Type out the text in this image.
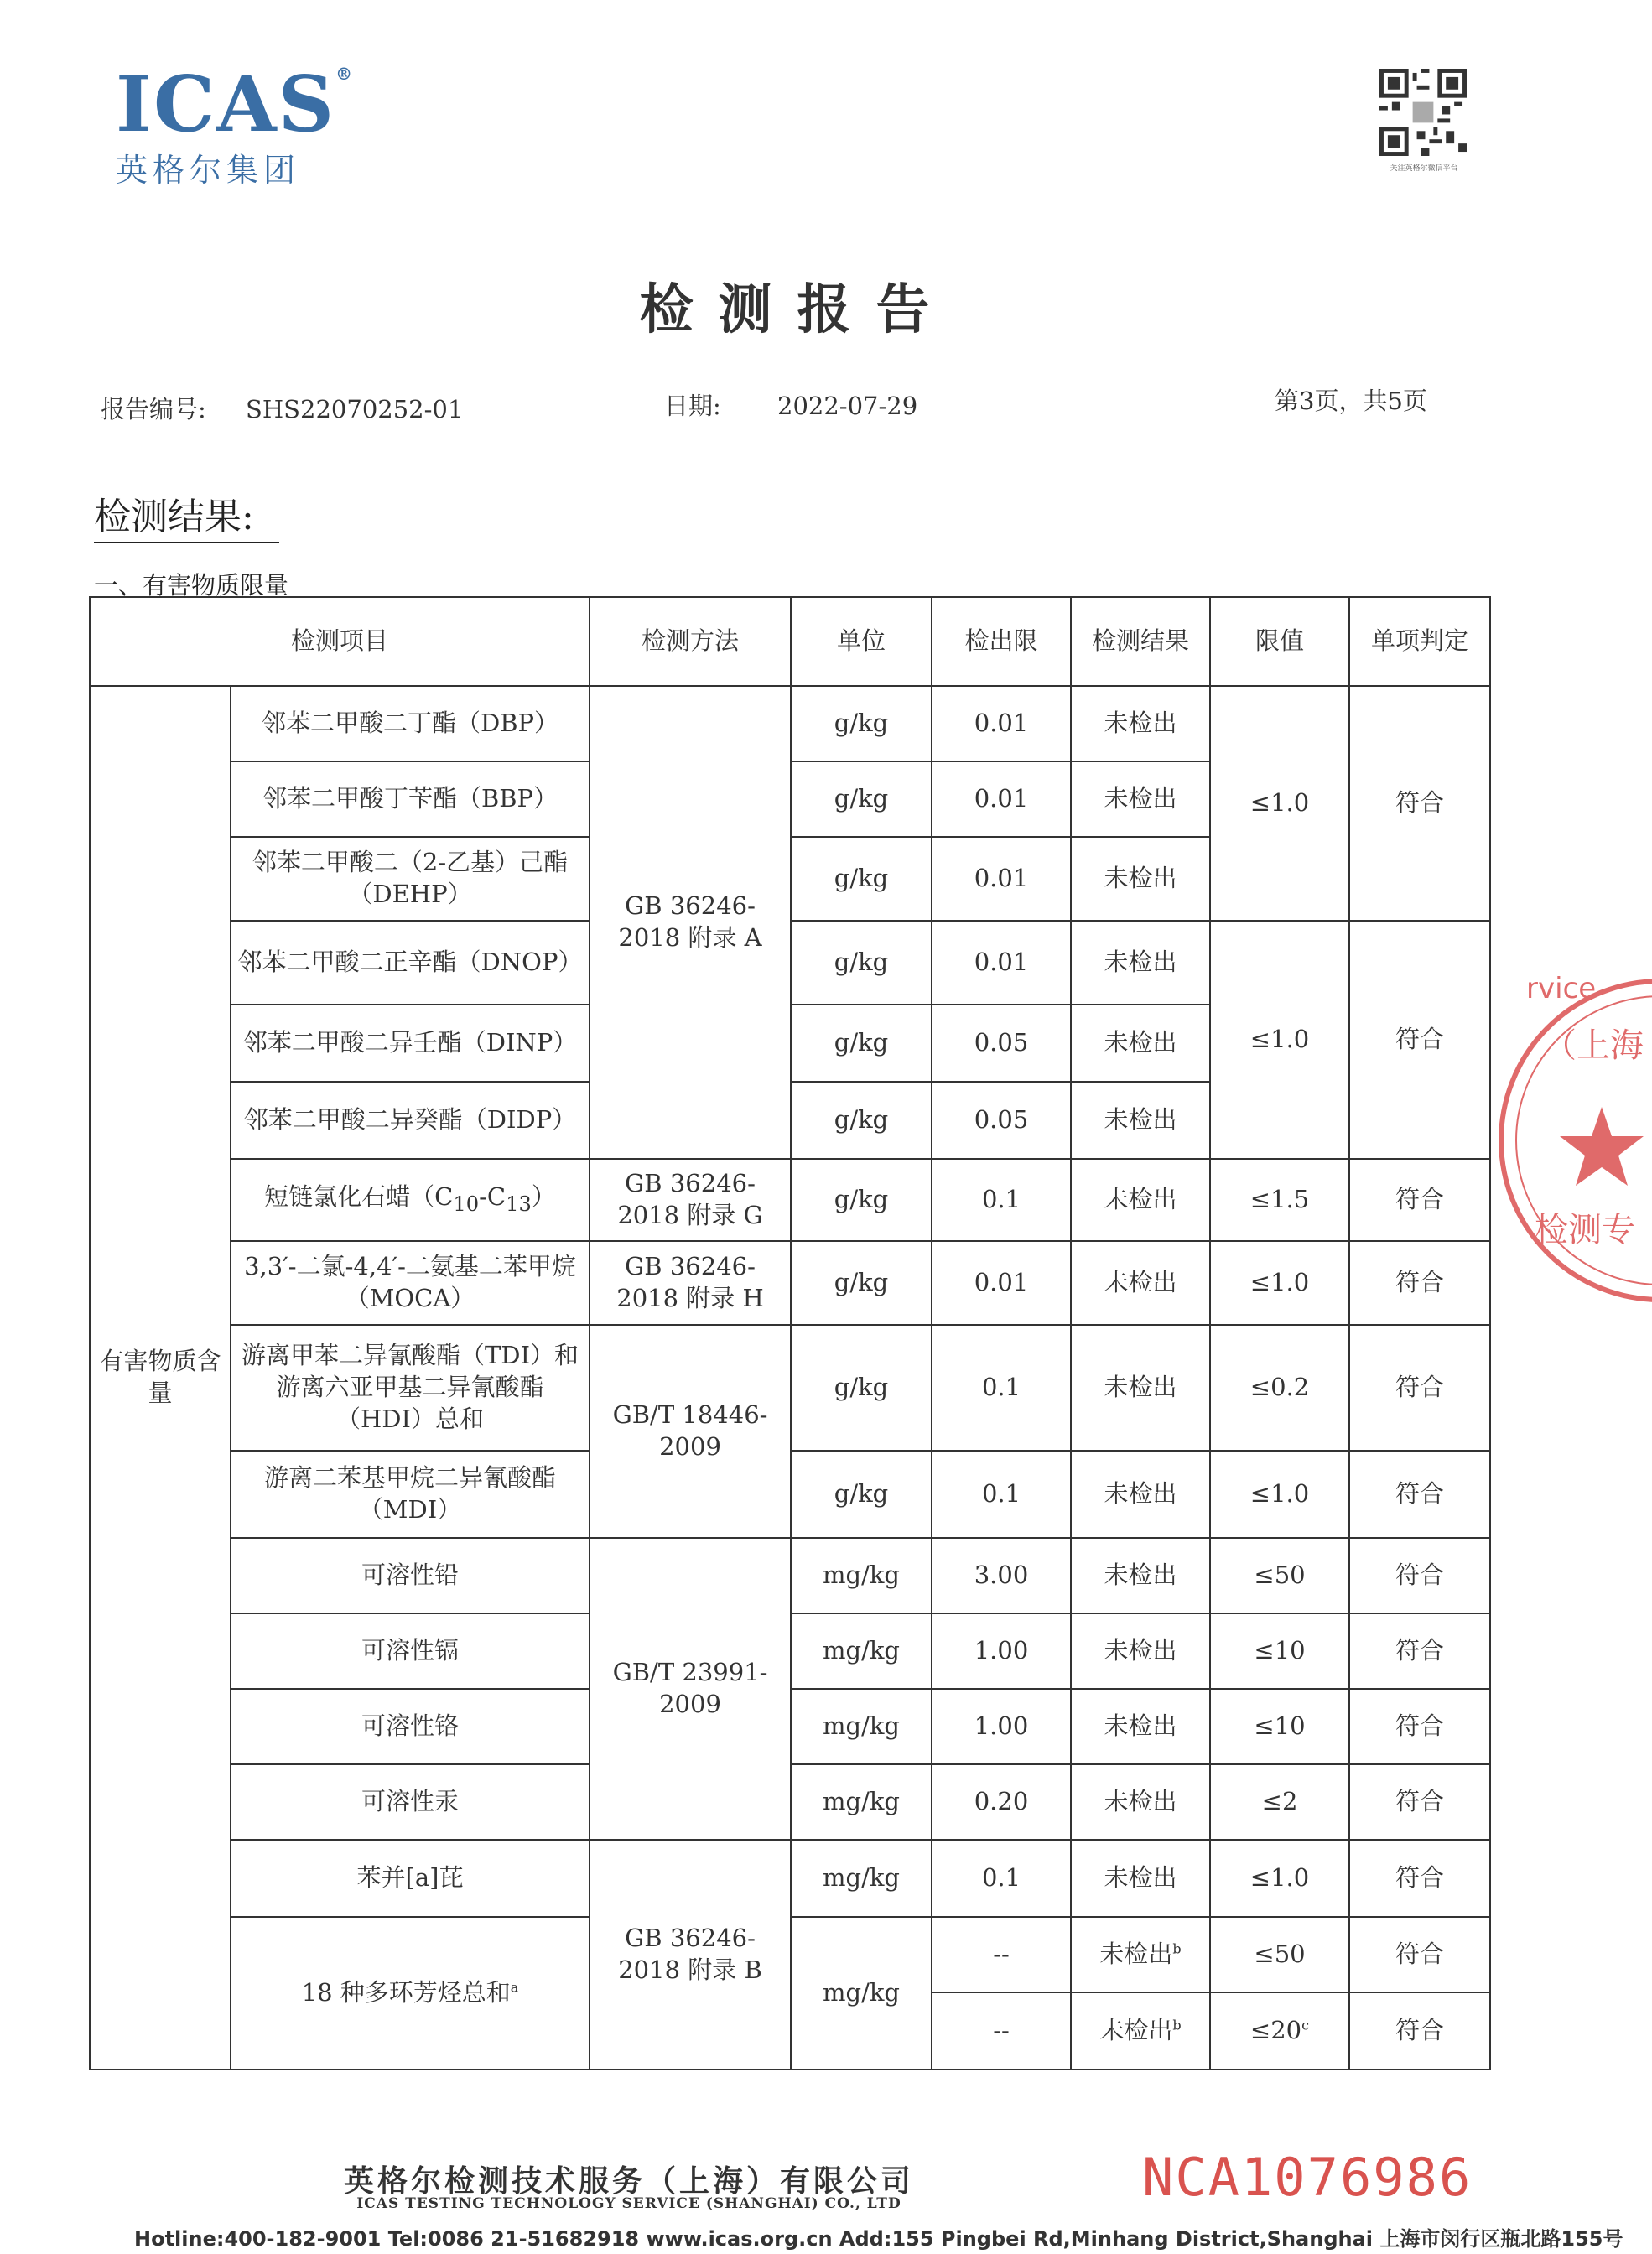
ICAS®
英格尔集团	关注英格尔微信平台
检测报告
报告编号: SHS22070252-01	日期: 2022-07-29	第3页，共5页
检测结果:
一、有害物质限量
检测项目		检测方法	单位	检出限	检测结果	限值	单项判定
有害物质含量	邻苯二甲酸二丁酯（DBP）	GB 36246-2018 附录 A	g/kg	0.01	未检出	≤1.0	符合
	邻苯二甲酸丁苄酯（BBP）		g/kg	0.01	未检出		
	邻苯二甲酸二（2-乙基）己酯（DEHP）		g/kg	0.01	未检出		
	邻苯二甲酸二正辛酯（DNOP）		g/kg	0.01	未检出	≤1.0	符合
	邻苯二甲酸二异壬酯（DINP）		g/kg	0.05	未检出		
	邻苯二甲酸二异癸酯（DIDP）		g/kg	0.05	未检出		
	短链氯化石蜡$(C_{10}-C_{13})$	GB 36246-2018 附录 G	g/kg	0.1	未检出	≤1.5	符合
	3,3′-二氯-4,4′-二氨基二苯甲烷（MOCA）	GB 36246-2018 附录 H	g/kg	0.01	未检出	≤1.0	符合
	游离甲苯二异氰酸酯（TDI）和游离六亚甲基二异氰酸酯（HDI）总和	GB/T 18446-2009	g/kg	0.1	未检出	≤0.2	符合
	游离二苯基甲烷二异氰酸酯（MDI）		g/kg	0.1	未检出	≤1.0	符合
	可溶性铅	GB/T 23991-2009	mg/kg	3.00	未检出	≤50	符合
	可溶性镉		mg/kg	1.00	未检出	≤10	符合
	可溶性铬		mg/kg	1.00	未检出	≤10	符合
	可溶性汞		mg/kg	0.20	未检出	≤2	符合
	苯并[a]芘	GB 36246-2018 附录 B	mg/kg	0.1	未检出	≤1.0	符合
	18 种多环芳烃总和$^a$		mg/kg	--	未检出$^b$	≤50	符合
				--	未检出$^b$	$\le 20^c$	符合
rvice
（上海
检测专
英格尔检测技术服务（上海）有限公司
ICAS TESTING TECHNOLOGY SERVICE (SHANGHAI) CO., LTD	NCA1076986
Hotline:400-182-9001 Tel:0086 21-51682918 www.icas.org.cn Add:155 Pingbei Rd,Minhang District,Shanghai 上海市闵行区瓶北路155号
